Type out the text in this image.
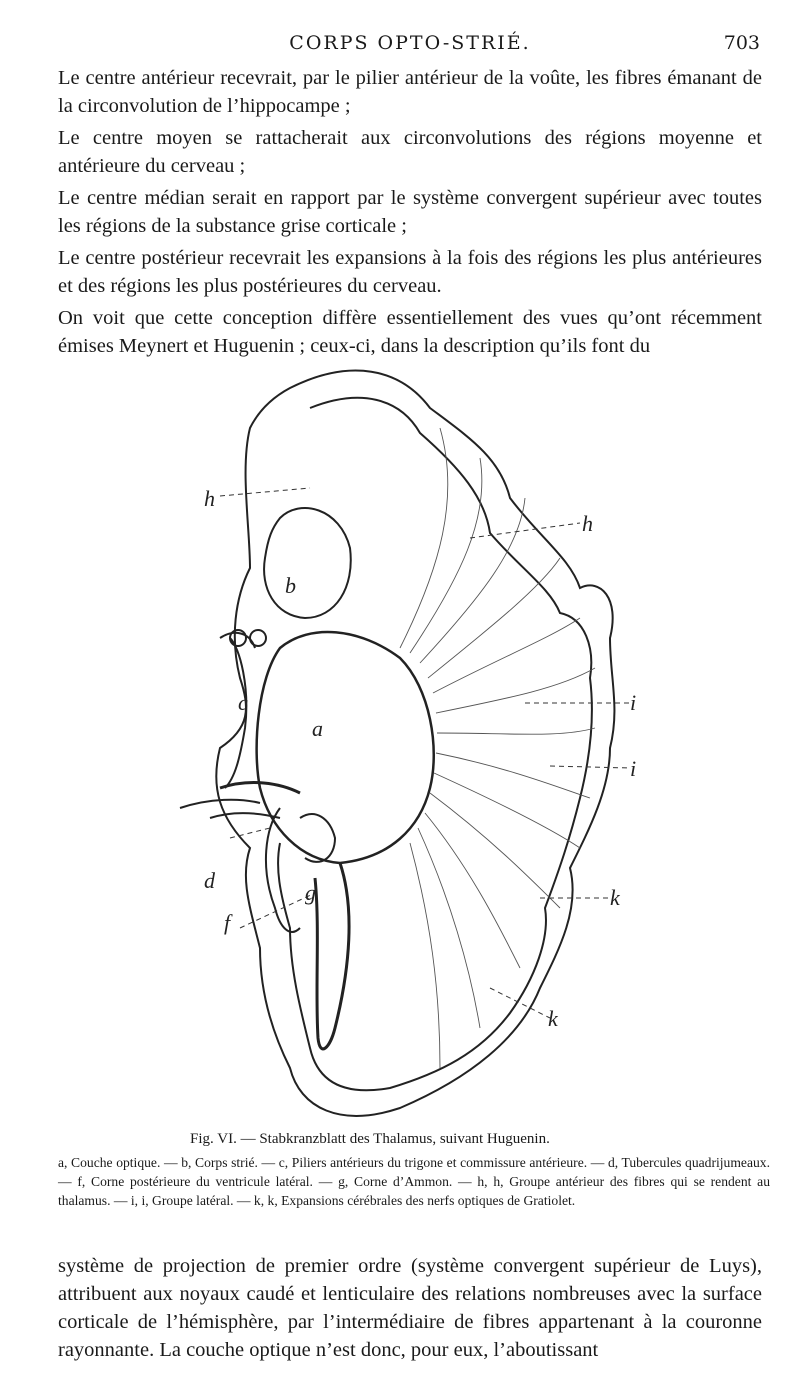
CORPS OPTO-STRIÉ.	703

Le centre antérieur recevrait, par le pilier antérieur de la voûte, les fibres émanant de la circonvolution de l’hippocampe ;

Le centre moyen se rattacherait aux circonvolutions des régions moyenne et antérieure du cerveau ;

Le centre médian serait en rapport par le système convergent supérieur avec toutes les régions de la substance grise corticale ;

Le centre postérieur recevrait les expansions à la fois des régions les plus antérieures et des régions les plus postérieures du cerveau.

On voit que cette conception diffère essentiellement des vues qu’ont récemment émises Meynert et Huguenin ; ceux-ci, dans la description qu’ils font du

h
h
b
c
a
i
i
d	g
f
k
k
Fig. VI. — Stabkranzblatt des Thalamus, suivant Huguenin.
a, Couche optique. — b, Corps strié. — c, Piliers antérieurs du trigone et commissure antérieure. — d, Tubercules quadrijumeaux. — f, Corne postérieure du ventricule latéral. — g, Corne d’Ammon. — h, h, Groupe antérieur des fibres qui se rendent au thalamus. — i, i, Groupe latéral. — k, k, Expansions cérébrales des nerfs optiques de Gratiolet.

système de projection de premier ordre (système convergent supérieur de Luys), attribuent aux noyaux caudé et lenticulaire des relations nombreuses avec la surface corticale de l’hémisphère, par l’intermédiaire de fibres appartenant à la couronne rayonnante. La couche optique n’est donc, pour eux, l’aboutissant
